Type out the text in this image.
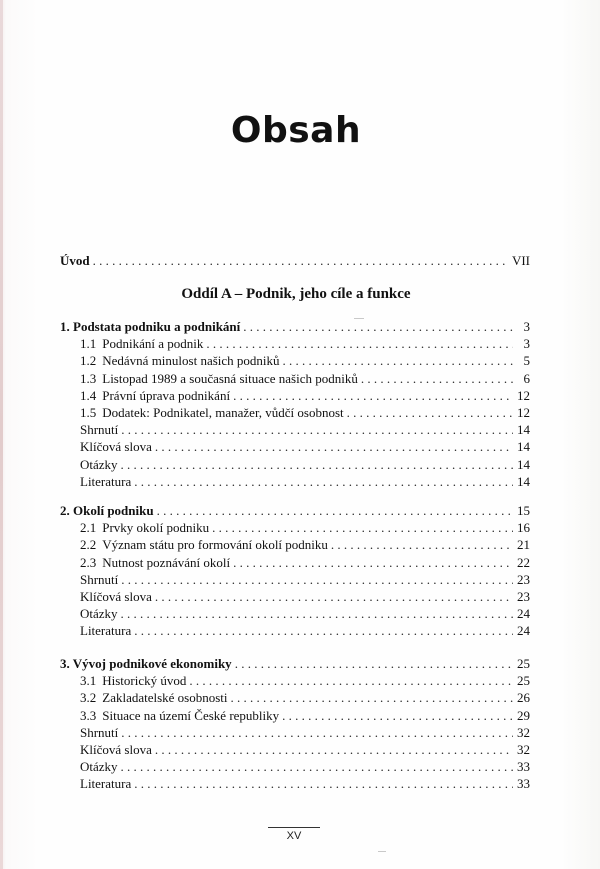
Obsah
Úvod . . .	VII
Oddíl A – Podnik, jeho cíle a funkce
1. Podstata podniku a podnikání . . .	3
1.1 Podnikání a podnik . . .	3
1.2 Nedávná minulost našich podniků . . .	5
1.3 Listopad 1989 a současná situace našich podniků . . .	6
1.4 Právní úprava podnikání . . .	12
1.5 Dodatek: Podnikatel, manažer, vůdčí osobnost . . .	12
Shrnutí . . .	14
Klíčová slova . . .	14
Otázky . . .	14
Literatura . . .	14
2. Okolí podniku . . .	15
2.1 Prvky okolí podniku . . .	16
2.2 Význam státu pro formování okolí podniku . . .	21
2.3 Nutnost poznávání okolí . . .	22
Shrnutí . . .	23
Klíčová slova . . .	23
Otázky . . .	24
Literatura . . .	24
3. Vývoj podnikové ekonomiky . . .	25
3.1 Historický úvod . . .	25
3.2 Zakladatelské osobnosti . . .	26
3.3 Situace na území České republiky . . .	29
Shrnutí . . .	32
Klíčová slova . . .	32
Otázky . . .	33
Literatura . . .	33
XV
